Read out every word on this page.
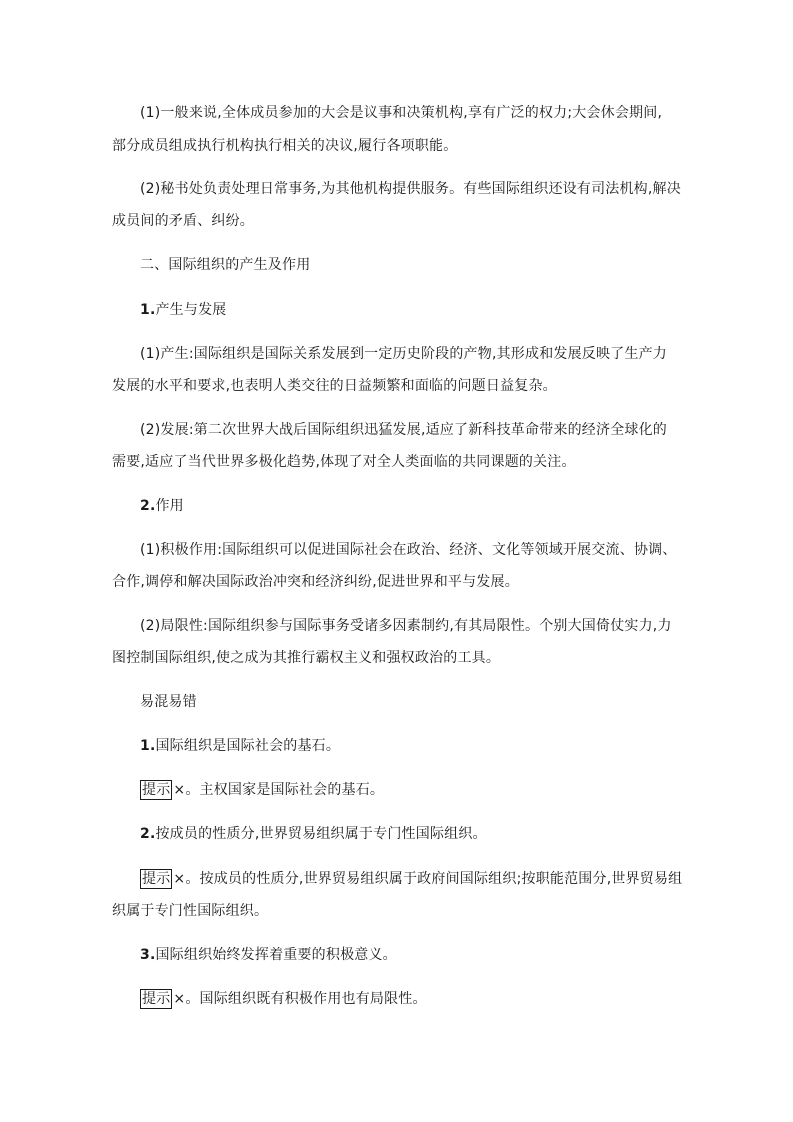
(1)一般来说,全体成员参加的大会是议事和决策机构,享有广泛的权力;大会休会期间,
部分成员组成执行机构执行相关的决议,履行各项职能。
(2)秘书处负责处理日常事务,为其他机构提供服务。有些国际组织还设有司法机构,解决
成员间的矛盾、纠纷。
二、国际组织的产生及作用
1.产生与发展
(1)产生:国际组织是国际关系发展到一定历史阶段的产物,其形成和发展反映了生产力
发展的水平和要求,也表明人类交往的日益频繁和面临的问题日益复杂。
(2)发展:第二次世界大战后国际组织迅猛发展,适应了新科技革命带来的经济全球化的
需要,适应了当代世界多极化趋势,体现了对全人类面临的共同课题的关注。
2.作用
(1)积极作用:国际组织可以促进国际社会在政治、经济、文化等领域开展交流、协调、
合作,调停和解决国际政治冲突和经济纠纷,促进世界和平与发展。
(2)局限性:国际组织参与国际事务受诸多因素制约,有其局限性。个别大国倚仗实力,力
图控制国际组织,使之成为其推行霸权主义和强权政治的工具。
易混易错
1.国际组织是国际社会的基石。
提示 ×。主权国家是国际社会的基石。
2.按成员的性质分,世界贸易组织属于专门性国际组织。
提示 ×。按成员的性质分,世界贸易组织属于政府间国际组织;按职能范围分,世界贸易组
织属于专门性国际组织。
3.国际组织始终发挥着重要的积极意义。
提示 ×。国际组织既有积极作用也有局限性。
